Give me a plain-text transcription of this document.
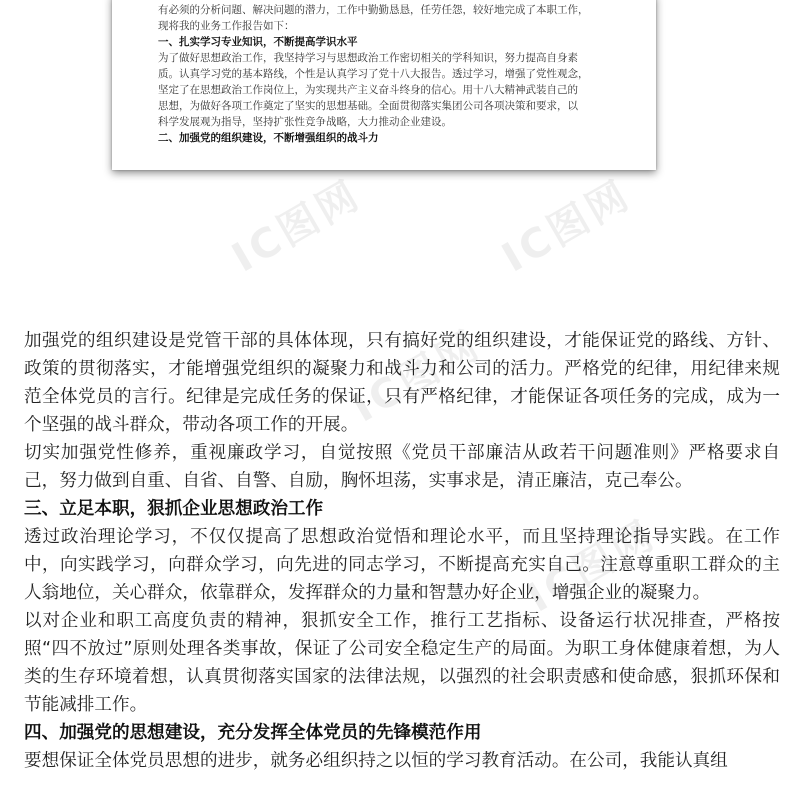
IC图网	IC图网
IC图网
IC图网

有必须的分析问题、解决问题的潜力，工作中勤勤恳恳，任劳任怨，较好地完成了本职工作，

现将我的业务工作报告如下：

一、扎实学习专业知识，不断提高学识水平

为了做好思想政治工作，我坚持学习与思想政治工作密切相关的学科知识，努力提高自身素

质。认真学习党的基本路线，个性是认真学习了党十八大报告。透过学习，增强了党性观念，

坚定了在思想政治工作岗位上，为实现共产主义奋斗终身的信心。用十八大精神武装自己的

思想，为做好各项工作奠定了坚实的思想基础。全面贯彻落实集团公司各项决策和要求，以

科学发展观为指导，坚持扩张性竞争战略，大力推动企业建设。

二、加强党的组织建设，不断增强组织的战斗力

加强党的组织建设是党管干部的具体体现，只有搞好党的组织建设，才能保证党的路线、方针、政策的贯彻落实，才能增强党组织的凝聚力和战斗力和公司的活力。严格党的纪律，用纪律来规范全体党员的言行。纪律是完成任务的保证，只有严格纪律，才能保证各项任务的完成，成为一个坚强的战斗群众，带动各项工作的开展。

切实加强党性修养，重视廉政学习，自觉按照《党员干部廉洁从政若干问题准则》严格要求自己，努力做到自重、自省、自警、自励，胸怀坦荡，实事求是，清正廉洁，克己奉公。

三、立足本职，狠抓企业思想政治工作

透过政治理论学习，不仅仅提高了思想政治觉悟和理论水平，而且坚持理论指导实践。在工作中，向实践学习，向群众学习，向先进的同志学习，不断提高充实自己。注意尊重职工群众的主人翁地位，关心群众，依靠群众，发挥群众的力量和智慧办好企业，增强企业的凝聚力。

以对企业和职工高度负责的精神，狠抓安全工作，推行工艺指标、设备运行状况排查，严格按照“四不放过”原则处理各类事故，保证了公司安全稳定生产的局面。为职工身体健康着想，为人类的生存环境着想，认真贯彻落实国家的法律法规，以强烈的社会职责感和使命感，狠抓环保和节能减排工作。

四、加强党的思想建设，充分发挥全体党员的先锋模范作用

要想保证全体党员思想的进步，就务必组织持之以恒的学习教育活动。在公司，我能认真组
